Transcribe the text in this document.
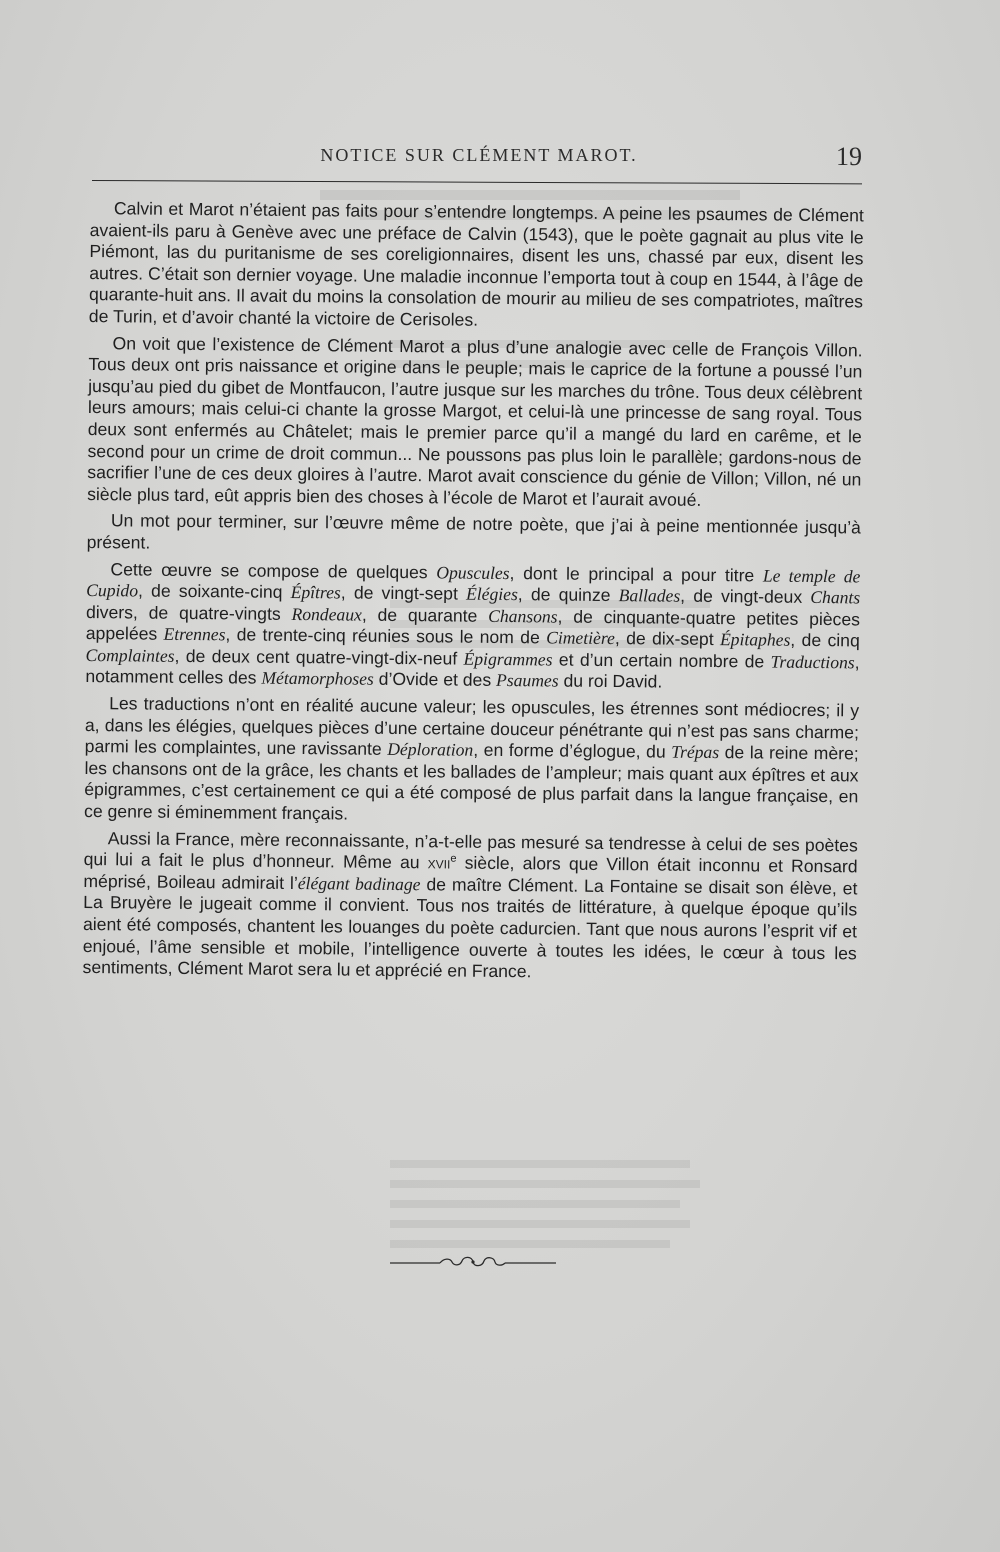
NOTICE SUR CLÉMENT MAROT.	19

Calvin et Marot n’étaient pas faits pour s’entendre longtemps. A peine les psaumes de Clément avaient-ils paru à Genève avec une préface de Calvin (1543), que le poète gagnait au plus vite le Piémont, las du puritanisme de ses coreligionnaires, disent les uns, chassé par eux, disent les autres. C’était son dernier voyage. Une maladie inconnue l’emporta tout à coup en 1544, à l’âge de quarante-huit ans. Il avait du moins la consolation de mourir au milieu de ses compatriotes, maîtres de Turin, et d’avoir chanté la victoire de Cerisoles.

On voit que l’existence de Clément Marot a plus d’une analogie avec celle de François Villon. Tous deux ont pris naissance et origine dans le peuple; mais le caprice de la fortune a poussé l’un jusqu’au pied du gibet de Montfaucon, l’autre jusque sur les marches du trône. Tous deux célèbrent leurs amours; mais celui-ci chante la grosse Margot, et celui-là une princesse de sang royal. Tous deux sont enfermés au Châtelet; mais le premier parce qu’il a mangé du lard en carême, et le second pour un crime de droit commun... Ne poussons pas plus loin le parallèle; gardons-nous de sacrifier l’une de ces deux gloires à l’autre. Marot avait conscience du génie de Villon; Villon, né un siècle plus tard, eût appris bien des choses à l’école de Marot et l’aurait avoué.

Un mot pour terminer, sur l’œuvre même de notre poète, que j’ai à peine mentionnée jusqu’à présent.

Cette œuvre se compose de quelques Opuscules, dont le principal a pour titre Le temple de Cupido, de soixante-cinq Épîtres, de vingt-sept Élégies, de quinze Ballades, de vingt-deux Chants divers, de quatre-vingts Rondeaux, de quarante Chansons, de cinquante-quatre petites pièces appelées Etrennes, de trente-cinq réunies sous le nom de Cimetière, de dix-sept Épitaphes, de cinq Complaintes, de deux cent quatre-vingt-dix-neuf Épigrammes et d’un certain nombre de Traductions, notamment celles des Métamorphoses d’Ovide et des Psaumes du roi David.

Les traductions n’ont en réalité aucune valeur; les opuscules, les étrennes sont médiocres; il y a, dans les élégies, quelques pièces d’une certaine douceur pénétrante qui n’est pas sans charme; parmi les complaintes, une ravissante Déploration, en forme d’églogue, du Trépas de la reine mère; les chansons ont de la grâce, les chants et les ballades de l’ampleur; mais quant aux épîtres et aux épigrammes, c’est certainement ce qui a été composé de plus parfait dans la langue française, en ce genre si éminemment français.

Aussi la France, mère reconnaissante, n’a-t-elle pas mesuré sa tendresse à celui de ses poètes qui lui a fait le plus d’honneur. Même au xvii$^e$ siècle, alors que Villon était inconnu et Ronsard méprisé, Boileau admirait l’élégant badinage de maître Clément. La Fontaine se disait son élève, et La Bruyère le jugeait comme il convient. Tous nos traités de littérature, à quelque époque qu’ils aient été composés, chantent les louanges du poète cadurcien. Tant que nous aurons l’esprit vif et enjoué, l’âme sensible et mobile, l’intelligence ouverte à toutes les idées, le cœur à tous les sentiments, Clément Marot sera lu et apprécié en France.
